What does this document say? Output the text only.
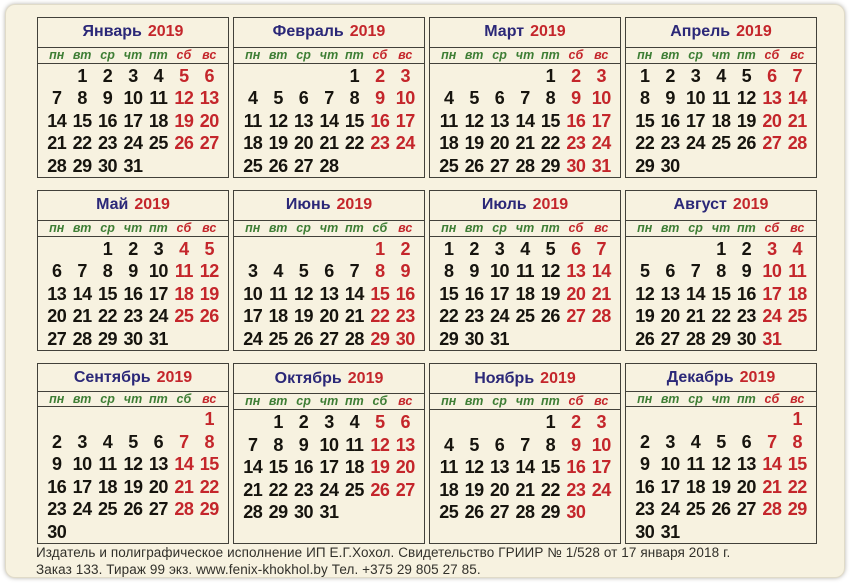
Январь 2019
пн вт ср чт пт сб вс
1 2 3 4 5 6
7 8 9 10 11 12 13
14 15 16 17 18 19 20
21 22 23 24 25 26 27
28 29 30 31
Февраль 2019
пн вт ср чт пт сб вс
1 2 3
4 5 6 7 8 9 10
11 12 13 14 15 16 17
18 19 20 21 22 23 24
25 26 27 28
Март 2019
пн вт ср чт пт сб вс
1 2 3
4 5 6 7 8 9 10
11 12 13 14 15 16 17
18 19 20 21 22 23 24
25 26 27 28 29 30 31
Апрель 2019
пн вт ср чт пт сб вс
1 2 3 4 5 6 7
8 9 10 11 12 13 14
15 16 17 18 19 20 21
22 23 24 25 26 27 28
29 30
Май 2019
пн вт ср чт пт сб вс
1 2 3 4 5
6 7 8 9 10 11 12
13 14 15 16 17 18 19
20 21 22 23 24 25 26
27 28 29 30 31
Июнь 2019
пн вт ср чт пт сб вс
1 2
3 4 5 6 7 8 9
10 11 12 13 14 15 16
17 18 19 20 21 22 23
24 25 26 27 28 29 30
Июль 2019
пн вт ср чт пт сб вс
1 2 3 4 5 6 7
8 9 10 11 12 13 14
15 16 17 18 19 20 21
22 23 24 25 26 27 28
29 30 31
Август 2019
пн вт ср чт пт сб вс
1 2 3 4
5 6 7 8 9 10 11
12 13 14 15 16 17 18
19 20 21 22 23 24 25
26 27 28 29 30 31
Сентябрь 2019
пн вт ср чт пт сб вс
1
2 3 4 5 6 7 8
9 10 11 12 13 14 15
16 17 18 19 20 21 22
23 24 25 26 27 28 29
30
Октябрь 2019
пн вт ср чт пт сб вс
1 2 3 4 5 6
7 8 9 10 11 12 13
14 15 16 17 18 19 20
21 22 23 24 25 26 27
28 29 30 31
Ноябрь 2019
пн вт ср чт пт сб вс
1 2 3
4 5 6 7 8 9 10
11 12 13 14 15 16 17
18 19 20 21 22 23 24
25 26 27 28 29 30
Декабрь 2019
пн вт ср чт пт сб вс
1
2 3 4 5 6 7 8
9 10 11 12 13 14 15
16 17 18 19 20 21 22
23 24 25 26 27 28 29
30 31
Издатель и полиграфическое исполнение ИП Е.Г.Хохол. Свидетельство ГРИИР № 1/528 от 17 января 2018 г.
Заказ 133. Тираж 99 экз. www.fenix-khokhol.by Тел. +375 29 805 27 85.
